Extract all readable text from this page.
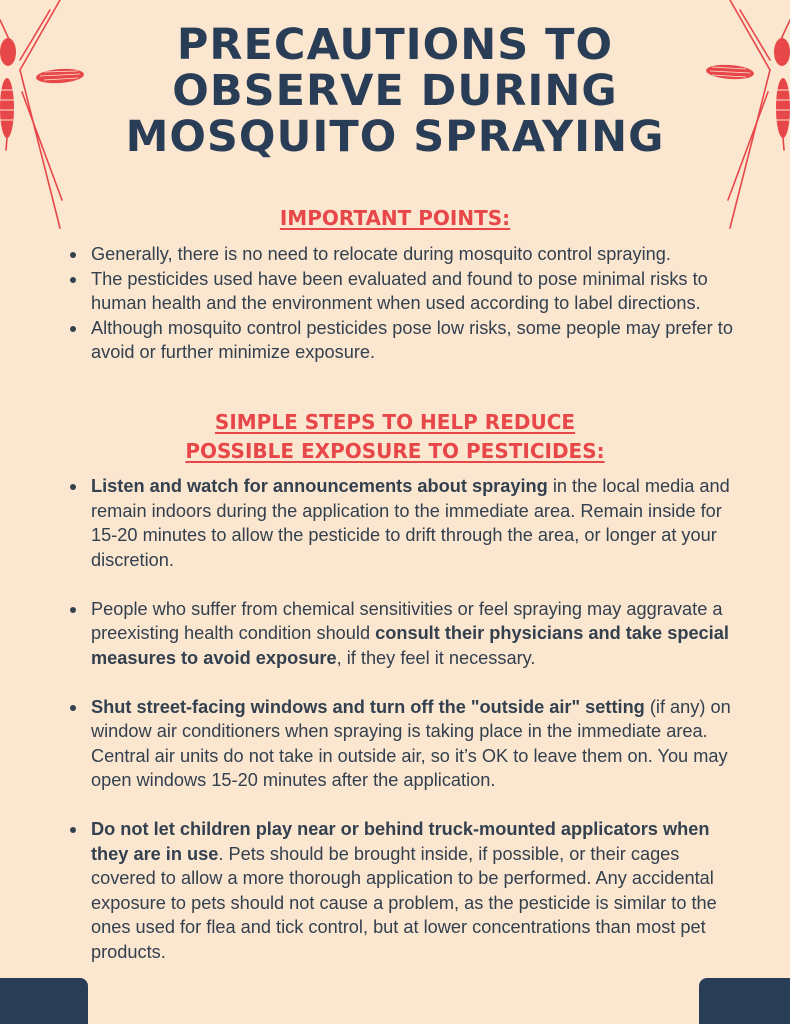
PRECAUTIONS TO
OBSERVE DURING
MOSQUITO SPRAYING
IMPORTANT POINTS:
Generally, there is no need to relocate during mosquito control spraying.
The pesticides used have been evaluated and found to pose minimal risks to human health and the environment when used according to label directions.
Although mosquito control pesticides pose low risks, some people may prefer to avoid or further minimize exposure.
SIMPLE STEPS TO HELP REDUCE
POSSIBLE EXPOSURE TO PESTICIDES:
Listen and watch for announcements about spraying in the local media and remain indoors during the application to the immediate area. Remain inside for 15-20 minutes to allow the pesticide to drift through the area, or longer at your discretion.
People who suffer from chemical sensitivities or feel spraying may aggravate a preexisting health condition should consult their physicians and take special measures to avoid exposure, if they feel it necessary.
Shut street-facing windows and turn off the "outside air" setting (if any) on window air conditioners when spraying is taking place in the immediate area. Central air units do not take in outside air, so it’s OK to leave them on. You may open windows 15-20 minutes after the application.
Do not let children play near or behind truck-mounted applicators when they are in use. Pets should be brought inside, if possible, or their cages covered to allow a more thorough application to be performed. Any accidental exposure to pets should not cause a problem, as the pesticide is similar to the ones used for flea and tick control, but at lower concentrations than most pet products.
